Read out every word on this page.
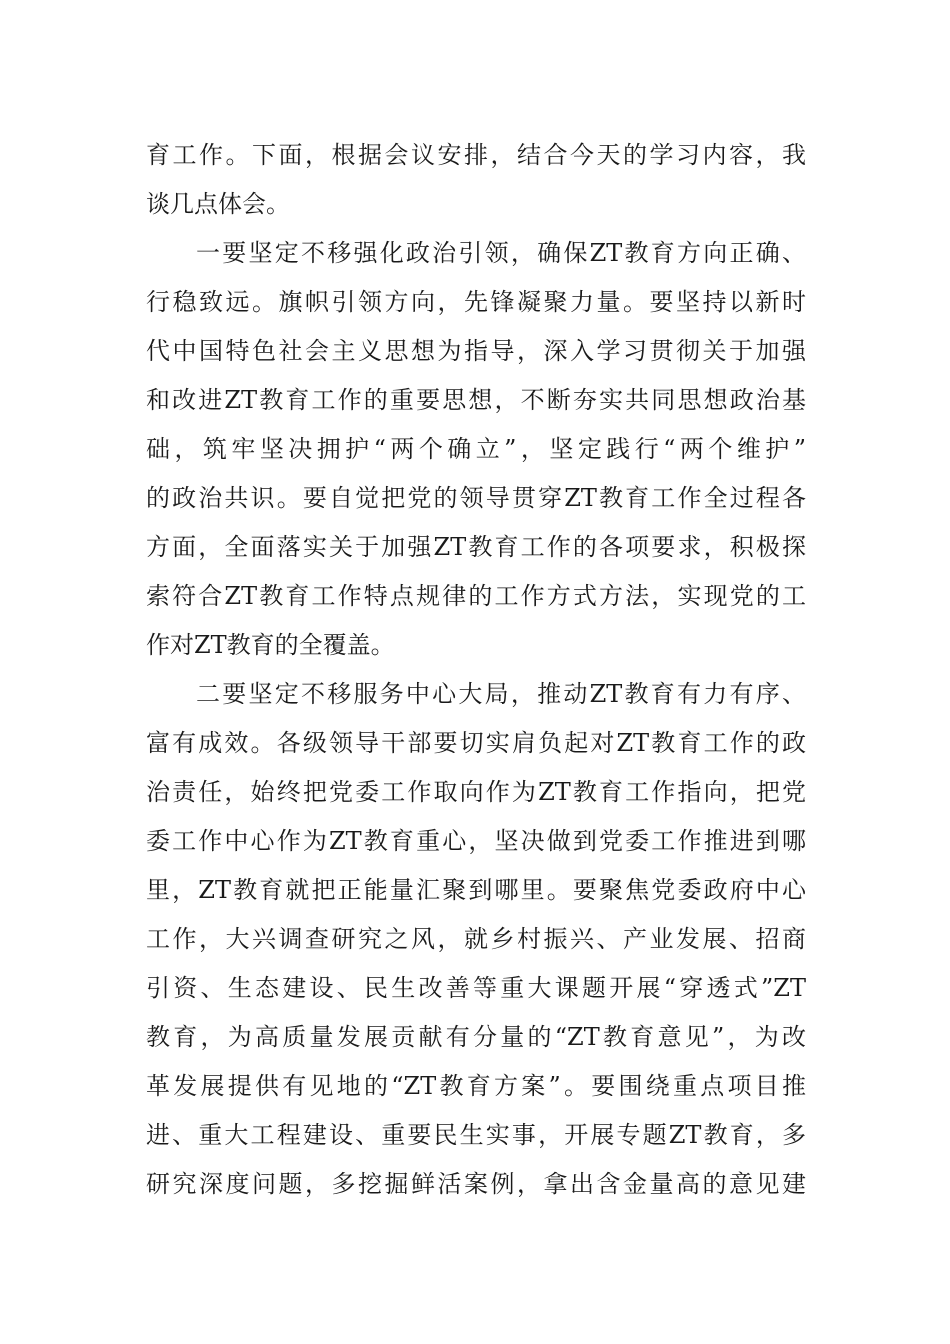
育工作。下面，根据会议安排，结合今天的学习内容，我
谈几点体会。
一要坚定不移强化政治引领，确保ZT教育方向正确、
行稳致远。旗帜引领方向，先锋凝聚力量。要坚持以新时
代中国特色社会主义思想为指导，深入学习贯彻关于加强
和改进ZT教育工作的重要思想，不断夯实共同思想政治基
础，筑牢坚决拥护“两个确立”，坚定践行“两个维护”
的政治共识。要自觉把党的领导贯穿ZT教育工作全过程各
方面，全面落实关于加强ZT教育工作的各项要求，积极探
索符合ZT教育工作特点规律的工作方式方法，实现党的工
作对ZT教育的全覆盖。
二要坚定不移服务中心大局，推动ZT教育有力有序、
富有成效。各级领导干部要切实肩负起对ZT教育工作的政
治责任，始终把党委工作取向作为ZT教育工作指向，把党
委工作中心作为ZT教育重心，坚决做到党委工作推进到哪
里，ZT教育就把正能量汇聚到哪里。要聚焦党委政府中心
工作，大兴调查研究之风，就乡村振兴、产业发展、招商
引资、生态建设、民生改善等重大课题开展“穿透式”ZT
教育，为高质量发展贡献有分量的“ZT教育意见”，为改
革发展提供有见地的“ZT教育方案”。要围绕重点项目推
进、重大工程建设、重要民生实事，开展专题ZT教育，多
研究深度问题，多挖掘鲜活案例，拿出含金量高的意见建
